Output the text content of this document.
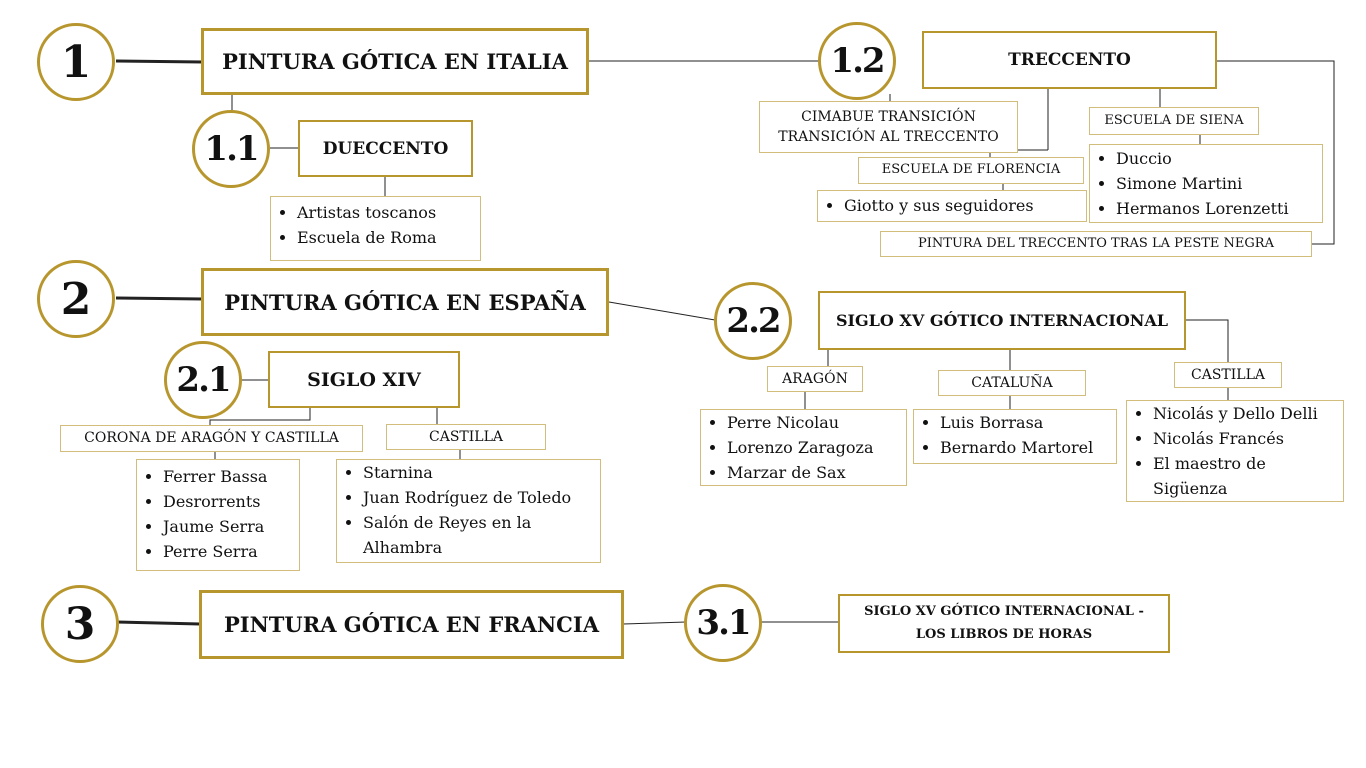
1	PINTURA GÓTICA EN ITALIA
1.1	DUECCENTO
• Artistas toscanos
• Escuela de Roma
1.2	TRECCENTO
CIMABUE TRANSICIÓN
TRANSICIÓN AL TRECCENTO
ESCUELA DE FLORENCIA
• Giotto y sus seguidores
ESCUELA DE SIENA
• Duccio
• Simone Martini
• Hermanos Lorenzetti
PINTURA DEL TRECCENTO TRAS LA PESTE NEGRA
2	PINTURA GÓTICA EN ESPAÑA
2.1	SIGLO XIV
CORONA DE ARAGÓN Y CASTILLA
• Ferrer Bassa
• Desrorrents
• Jaume Serra
• Perre Serra
CASTILLA
• Starnina
• Juan Rodríguez de Toledo
• Salón de Reyes en la
Alhambra
2.2	SIGLO XV GÓTICO INTERNACIONAL
ARAGÓN
• Perre Nicolau
• Lorenzo Zaragoza
• Marzar de Sax
CATALUÑA
• Luis Borrasa
• Bernardo Martorel
CASTILLA
• Nicolás y Dello Delli
• Nicolás Francés
• El maestro de
Sigüenza
3	PINTURA GÓTICA EN FRANCIA	3.1	SIGLO XV GÓTICO INTERNACIONAL -
LOS LIBROS DE HORAS
